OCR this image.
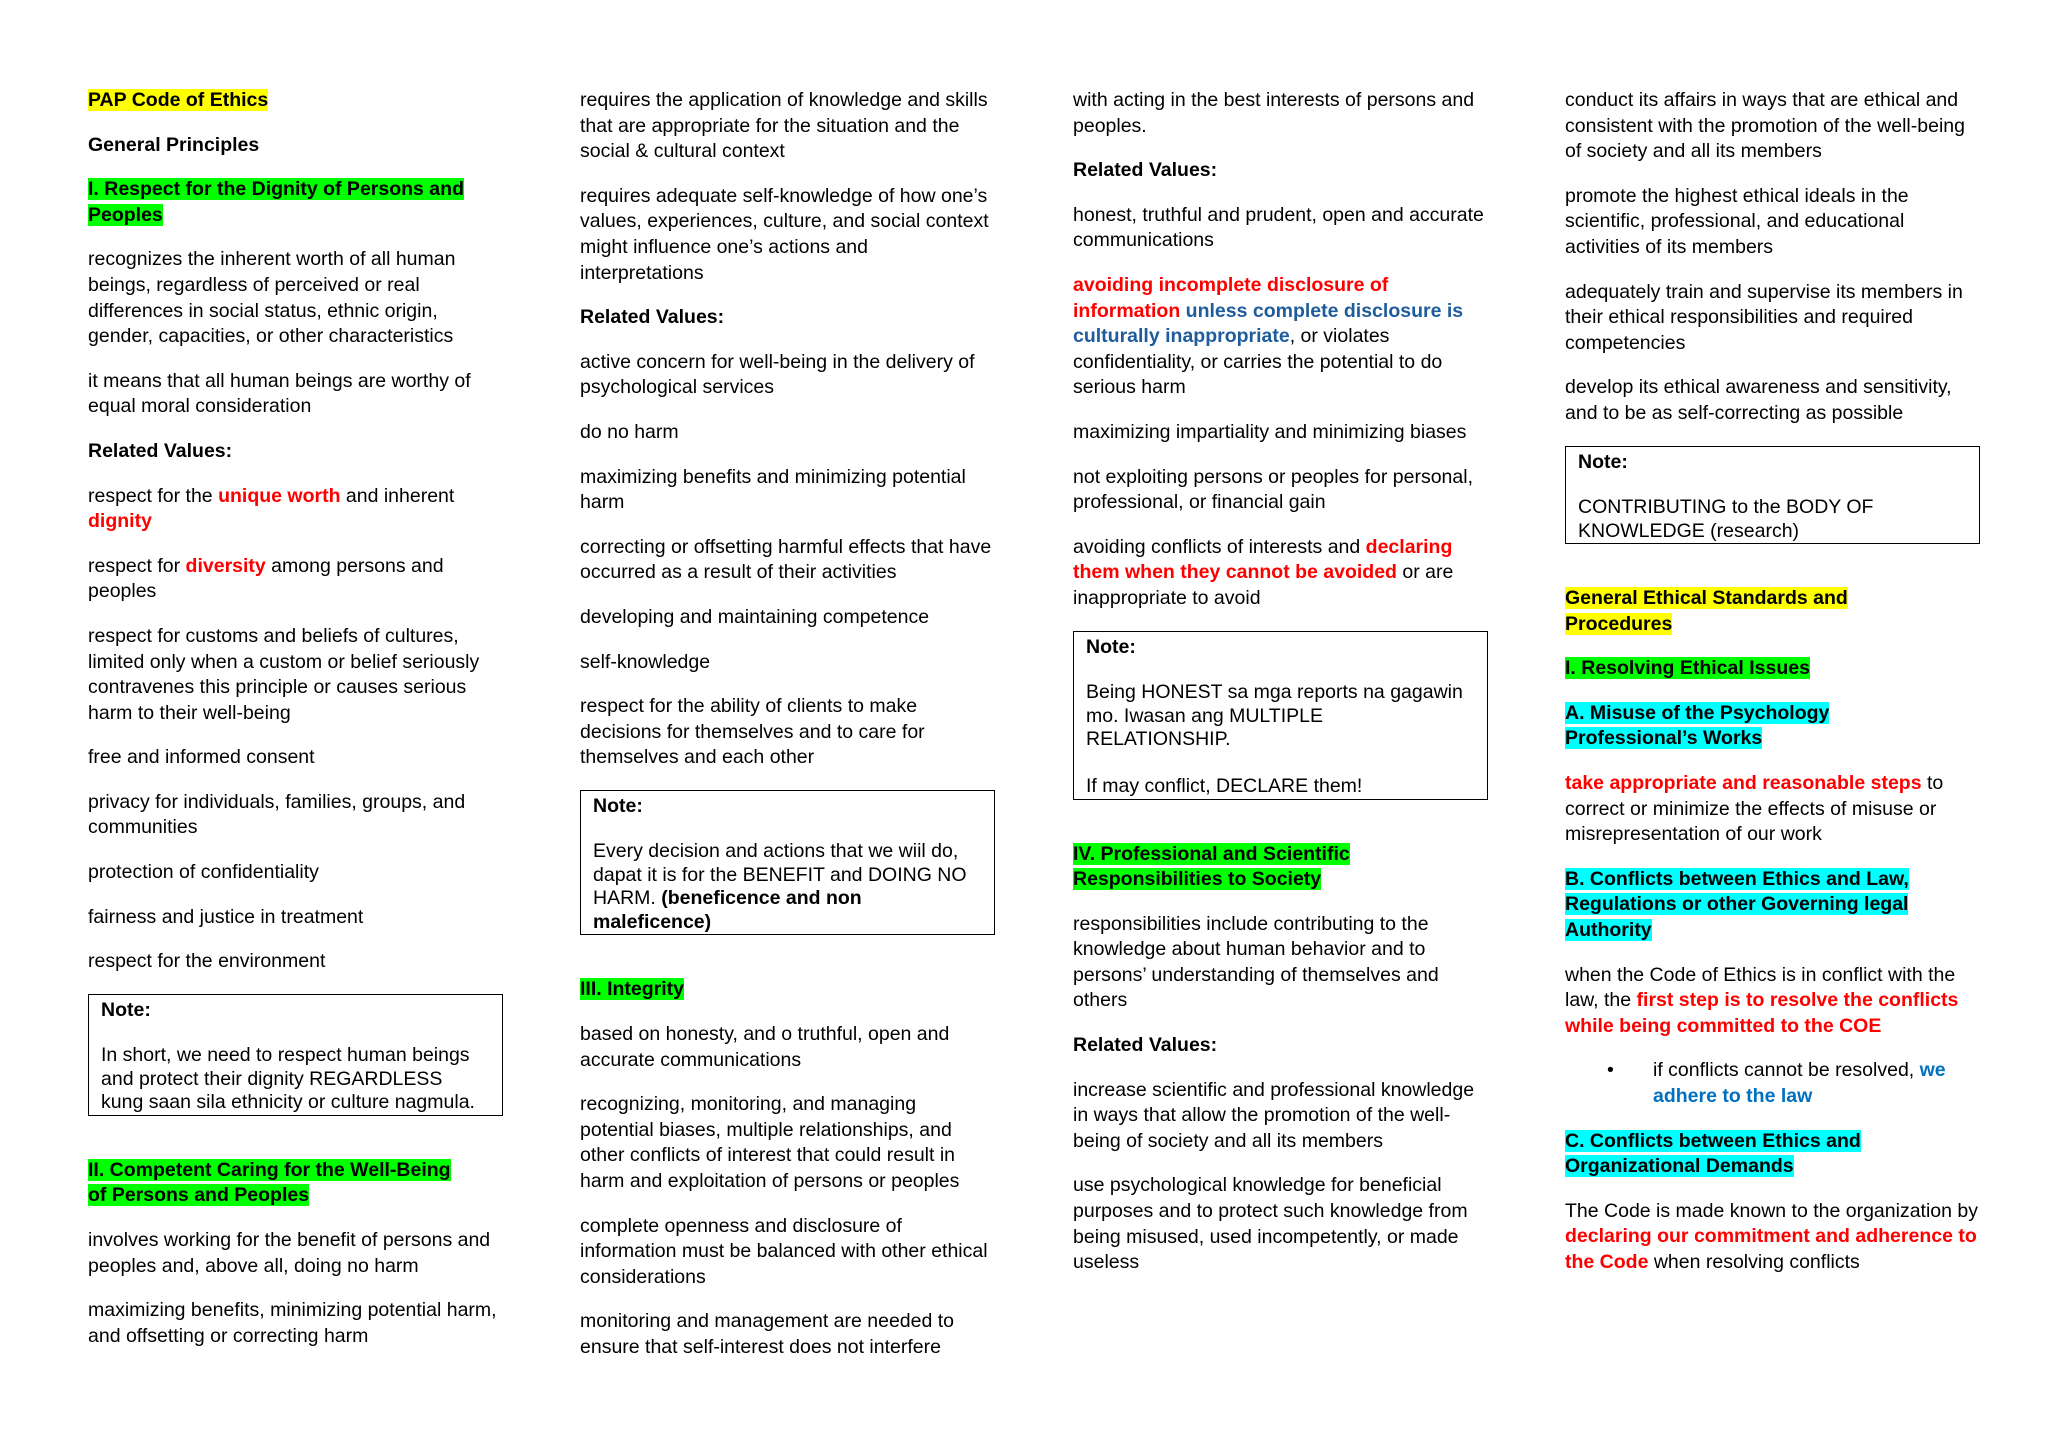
PAP Code of Ethics

General Principles

I. Respect for the Dignity of Persons and
Peoples

recognizes the inherent worth of all human beings, regardless of perceived or real differences in social status, ethnic origin, gender, capacities, or other characteristics

it means that all human beings are worthy of equal moral consideration

Related Values:

respect for the unique worth and inherent dignity

respect for diversity among persons and peoples

respect for customs and beliefs of cultures, limited only when a custom or belief seriously contravenes this principle or causes serious harm to their well-being

free and informed consent

privacy for individuals, families, groups, and communities

protection of confidentiality

fairness and justice in treatment

respect for the environment

Note:
In short, we need to respect human beings
and protect their dignity REGARDLESS
kung saan sila ethnicity or culture nagmula.

II. Competent Caring for the Well-Being
of Persons and Peoples

involves working for the benefit of persons and peoples and, above all, doing no harm

maximizing benefits, minimizing potential harm, and offsetting or correcting harm

requires the application of knowledge and skills that are appropriate for the situation and the social & cultural context

requires adequate self-knowledge of how one’s values, experiences, culture, and social context might influence one’s actions and interpretations

Related Values:

active concern for well-being in the delivery of psychological services

do no harm

maximizing benefits and minimizing potential harm

correcting or offsetting harmful effects that have occurred as a result of their activities

developing and maintaining competence

self-knowledge

respect for the ability of clients to make decisions for themselves and to care for themselves and each other

Note:
Every decision and actions that we wiil do,
dapat it is for the BENEFIT and DOING NO
HARM. (beneficence and non
maleficence)

III. Integrity

based on honesty, and o truthful, open and accurate communications

recognizing, monitoring, and managing potential biases, multiple relationships, and other conflicts of interest that could result in harm and exploitation of persons or peoples

complete openness and disclosure of information must be balanced with other ethical considerations

monitoring and management are needed to ensure that self-interest does not interfere

with acting in the best interests of persons and peoples.

Related Values:

honest, truthful and prudent, open and accurate communications

avoiding incomplete disclosure of information unless complete disclosure is culturally inappropriate, or violates confidentiality, or carries the potential to do serious harm

maximizing impartiality and minimizing biases

not exploiting persons or peoples for personal, professional, or financial gain

avoiding conflicts of interests and declaring them when they cannot be avoided or are inappropriate to avoid

Note:
Being HONEST sa mga reports na gagawin
mo. Iwasan ang MULTIPLE
RELATIONSHIP.
If may conflict, DECLARE them!

IV. Professional and Scientific
Responsibilities to Society

responsibilities include contributing to the knowledge about human behavior and to persons’ understanding of themselves and others

Related Values:

increase scientific and professional knowledge in ways that allow the promotion of the well-being of society and all its members

use psychological knowledge for beneficial purposes and to protect such knowledge from being misused, used incompetently, or made useless

conduct its affairs in ways that are ethical and consistent with the promotion of the well-being of society and all its members

promote the highest ethical ideals in the scientific, professional, and educational activities of its members

adequately train and supervise its members in their ethical responsibilities and required competencies

develop its ethical awareness and sensitivity, and to be as self-correcting as possible

Note:
CONTRIBUTING to the BODY OF
KNOWLEDGE (research)

General Ethical Standards and
Procedures

I. Resolving Ethical Issues

A. Misuse of the Psychology
Professional’s Works

take appropriate and reasonable steps to correct or minimize the effects of misuse or misrepresentation of our work

B. Conflicts between Ethics and Law,
Regulations or other Governing legal
Authority

when the Code of Ethics is in conflict with the law, the first step is to resolve the conflicts while being committed to the COE

• if conflicts cannot be resolved, we adhere to the law

C. Conflicts between Ethics and
Organizational Demands

The Code is made known to the organization by declaring our commitment and adherence to the Code when resolving conflicts
